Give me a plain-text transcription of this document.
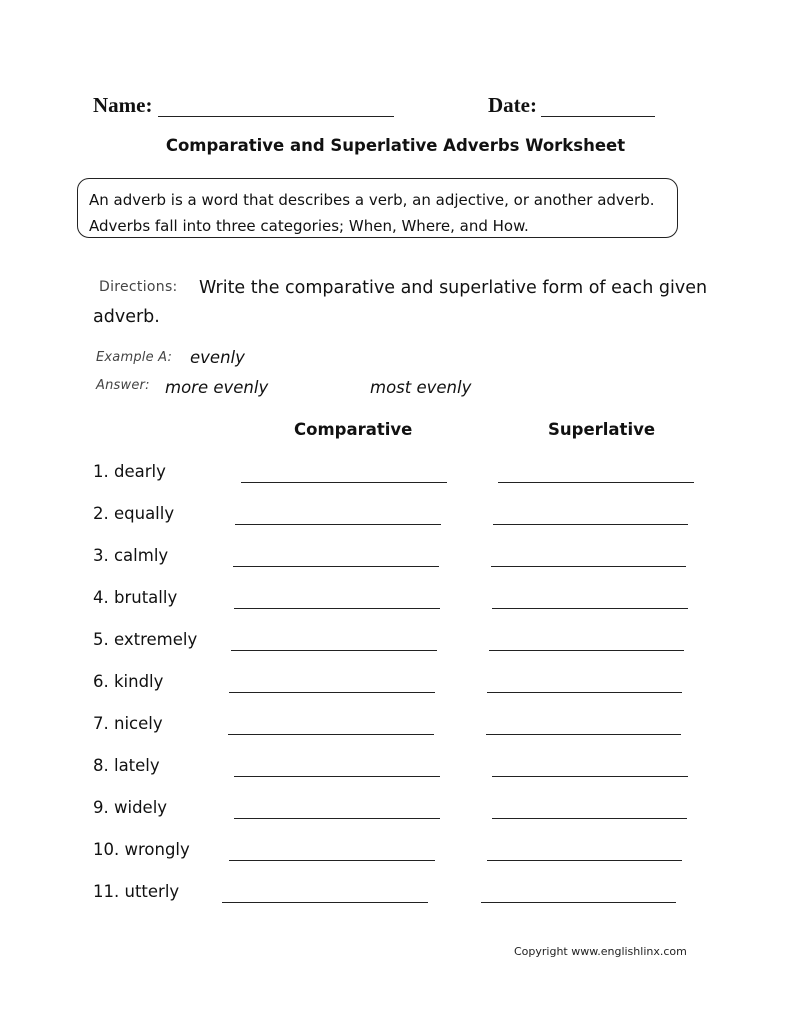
Name:	Date:
Comparative and Superlative Adverbs Worksheet
An adverb is a word that describes a verb, an adjective, or another adverb.
Adverbs fall into three categories; When, Where, and How.
Directions: Write the comparative and superlative form of each given
adverb.
Example A: evenly
Answer: more evenly	most evenly
Comparative	Superlative
1. dearly
2. equally
3. calmly
4. brutally
5. extremely
6. kindly
7. nicely
8. lately
9. widely
10. wrongly
11. utterly
Copyright www.englishlinx.com
